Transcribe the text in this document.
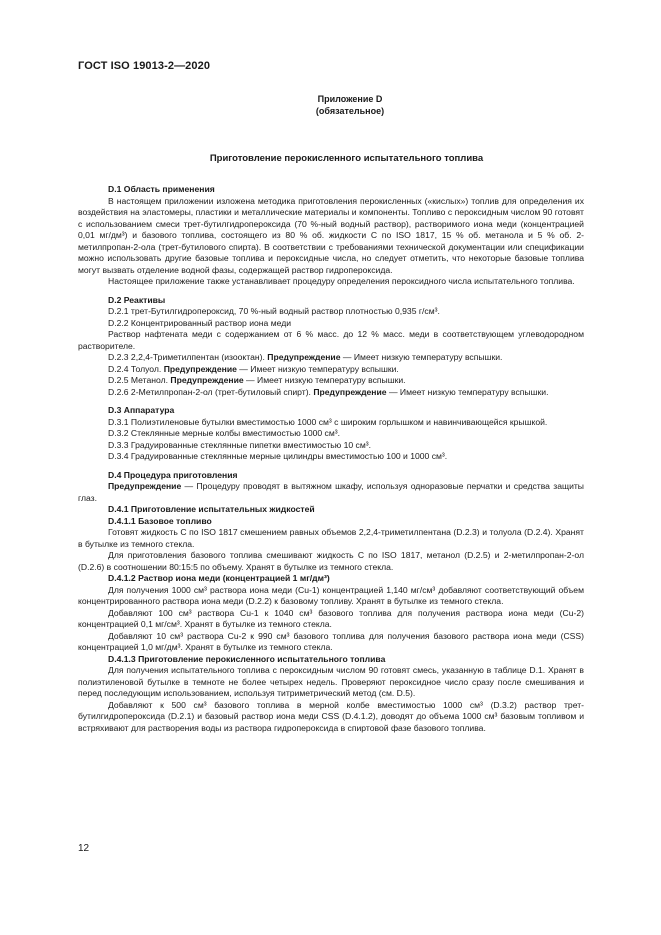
ГОСТ ISO 19013-2—2020
Приложение D
(обязательное)
Приготовление перокисленного испытательного топлива
D.1 Область применения
В настоящем приложении изложена методика приготовления перокисленных («кислых») топлив для определения их воздействия на эластомеры, пластики и металлические материалы и компоненты. Топливо с пероксидным числом 90 готовят с использованием смеси трет-бутилгидропероксида (70 %-ный водный раствор), растворимого иона меди (концентрацией 0,01 мг/дм³) и базового топлива, состоящего из 80 % об. жидкости С по ISO 1817, 15 % об. метанола и 5 % об. 2-метилпропан-2-ола (трет-бутилового спирта). В соответствии с требованиями технической документации или спецификации можно использовать другие базовые топлива и пероксидные числа, но следует отметить, что некоторые базовые топлива могут вызвать отделение водной фазы, содержащей раствор гидропероксида.
Настоящее приложение также устанавливает процедуру определения пероксидного числа испытательного топлива.
D.2 Реактивы
D.2.1 трет-Бутилгидропероксид, 70 %-ный водный раствор плотностью 0,935 г/см³.
D.2.2 Концентрированный раствор иона меди
Раствор нафтената меди с содержанием от 6 % масс. до 12 % масс. меди в соответствующем углеводородном растворителе.
D.2.3 2,2,4-Триметилпентан (изооктан). Предупреждение — Имеет низкую температуру вспышки.
D.2.4 Толуол. Предупреждение — Имеет низкую температуру вспышки.
D.2.5 Метанол. Предупреждение — Имеет низкую температуру вспышки.
D.2.6 2-Метилпропан-2-ол (трет-бутиловый спирт). Предупреждение — Имеет низкую температуру вспышки.
D.3 Аппаратура
D.3.1 Полиэтиленовые бутылки вместимостью 1000 см³ с широким горлышком и навинчивающейся крышкой.
D.3.2 Стеклянные мерные колбы вместимостью 1000 см³.
D.3.3 Градуированные стеклянные пипетки вместимостью 10 см³.
D.3.4 Градуированные стеклянные мерные цилиндры вместимостью 100 и 1000 см³.
D.4 Процедура приготовления
Предупреждение — Процедуру проводят в вытяжном шкафу, используя одноразовые перчатки и средства защиты глаз.
D.4.1 Приготовление испытательных жидкостей
D.4.1.1 Базовое топливо
Готовят жидкость С по ISO 1817 смешением равных объемов 2,2,4-триметилпентана (D.2.3) и толуола (D.2.4). Хранят в бутылке из темного стекла.
Для приготовления базового топлива смешивают жидкость С по ISO 1817, метанол (D.2.5) и 2-метилпропан-2-ол (D.2.6) в соотношении 80:15:5 по объему. Хранят в бутылке из темного стекла.
D.4.1.2 Раствор иона меди (концентрацией 1 мг/дм³)
Для получения 1000 см³ раствора иона меди (Cu-1) концентрацией 1,140 мг/см³ добавляют соответствующий объем концентрированного раствора иона меди (D.2.2) к базовому топливу. Хранят в бутылке из темного стекла.
Добавляют 100 см³ раствора Cu-1 к 1040 см³ базового топлива для получения раствора иона меди (Cu-2) концентрацией 0,1 мг/см³. Хранят в бутылке из темного стекла.
Добавляют 10 см³ раствора Cu-2 к 990 см³ базового топлива для получения базового раствора иона меди (CSS) концентрацией 1,0 мг/дм³. Хранят в бутылке из темного стекла.
D.4.1.3 Приготовление перокисленного испытательного топлива
Для получения испытательного топлива с пероксидным числом 90 готовят смесь, указанную в таблице D.1. Хранят в полиэтиленовой бутылке в темноте не более четырех недель. Проверяют пероксидное число сразу после смешивания и перед последующим использованием, используя титриметрический метод (см. D.5).
Добавляют к 500 см³ базового топлива в мерной колбе вместимостью 1000 см³ (D.3.2) раствор трет-бутилгидропероксида (D.2.1) и базовый раствор иона меди CSS (D.4.1.2), доводят до объема 1000 см³ базовым топливом и встряхивают для растворения воды из раствора гидропероксида в спиртовой фазе базового топлива.
12
